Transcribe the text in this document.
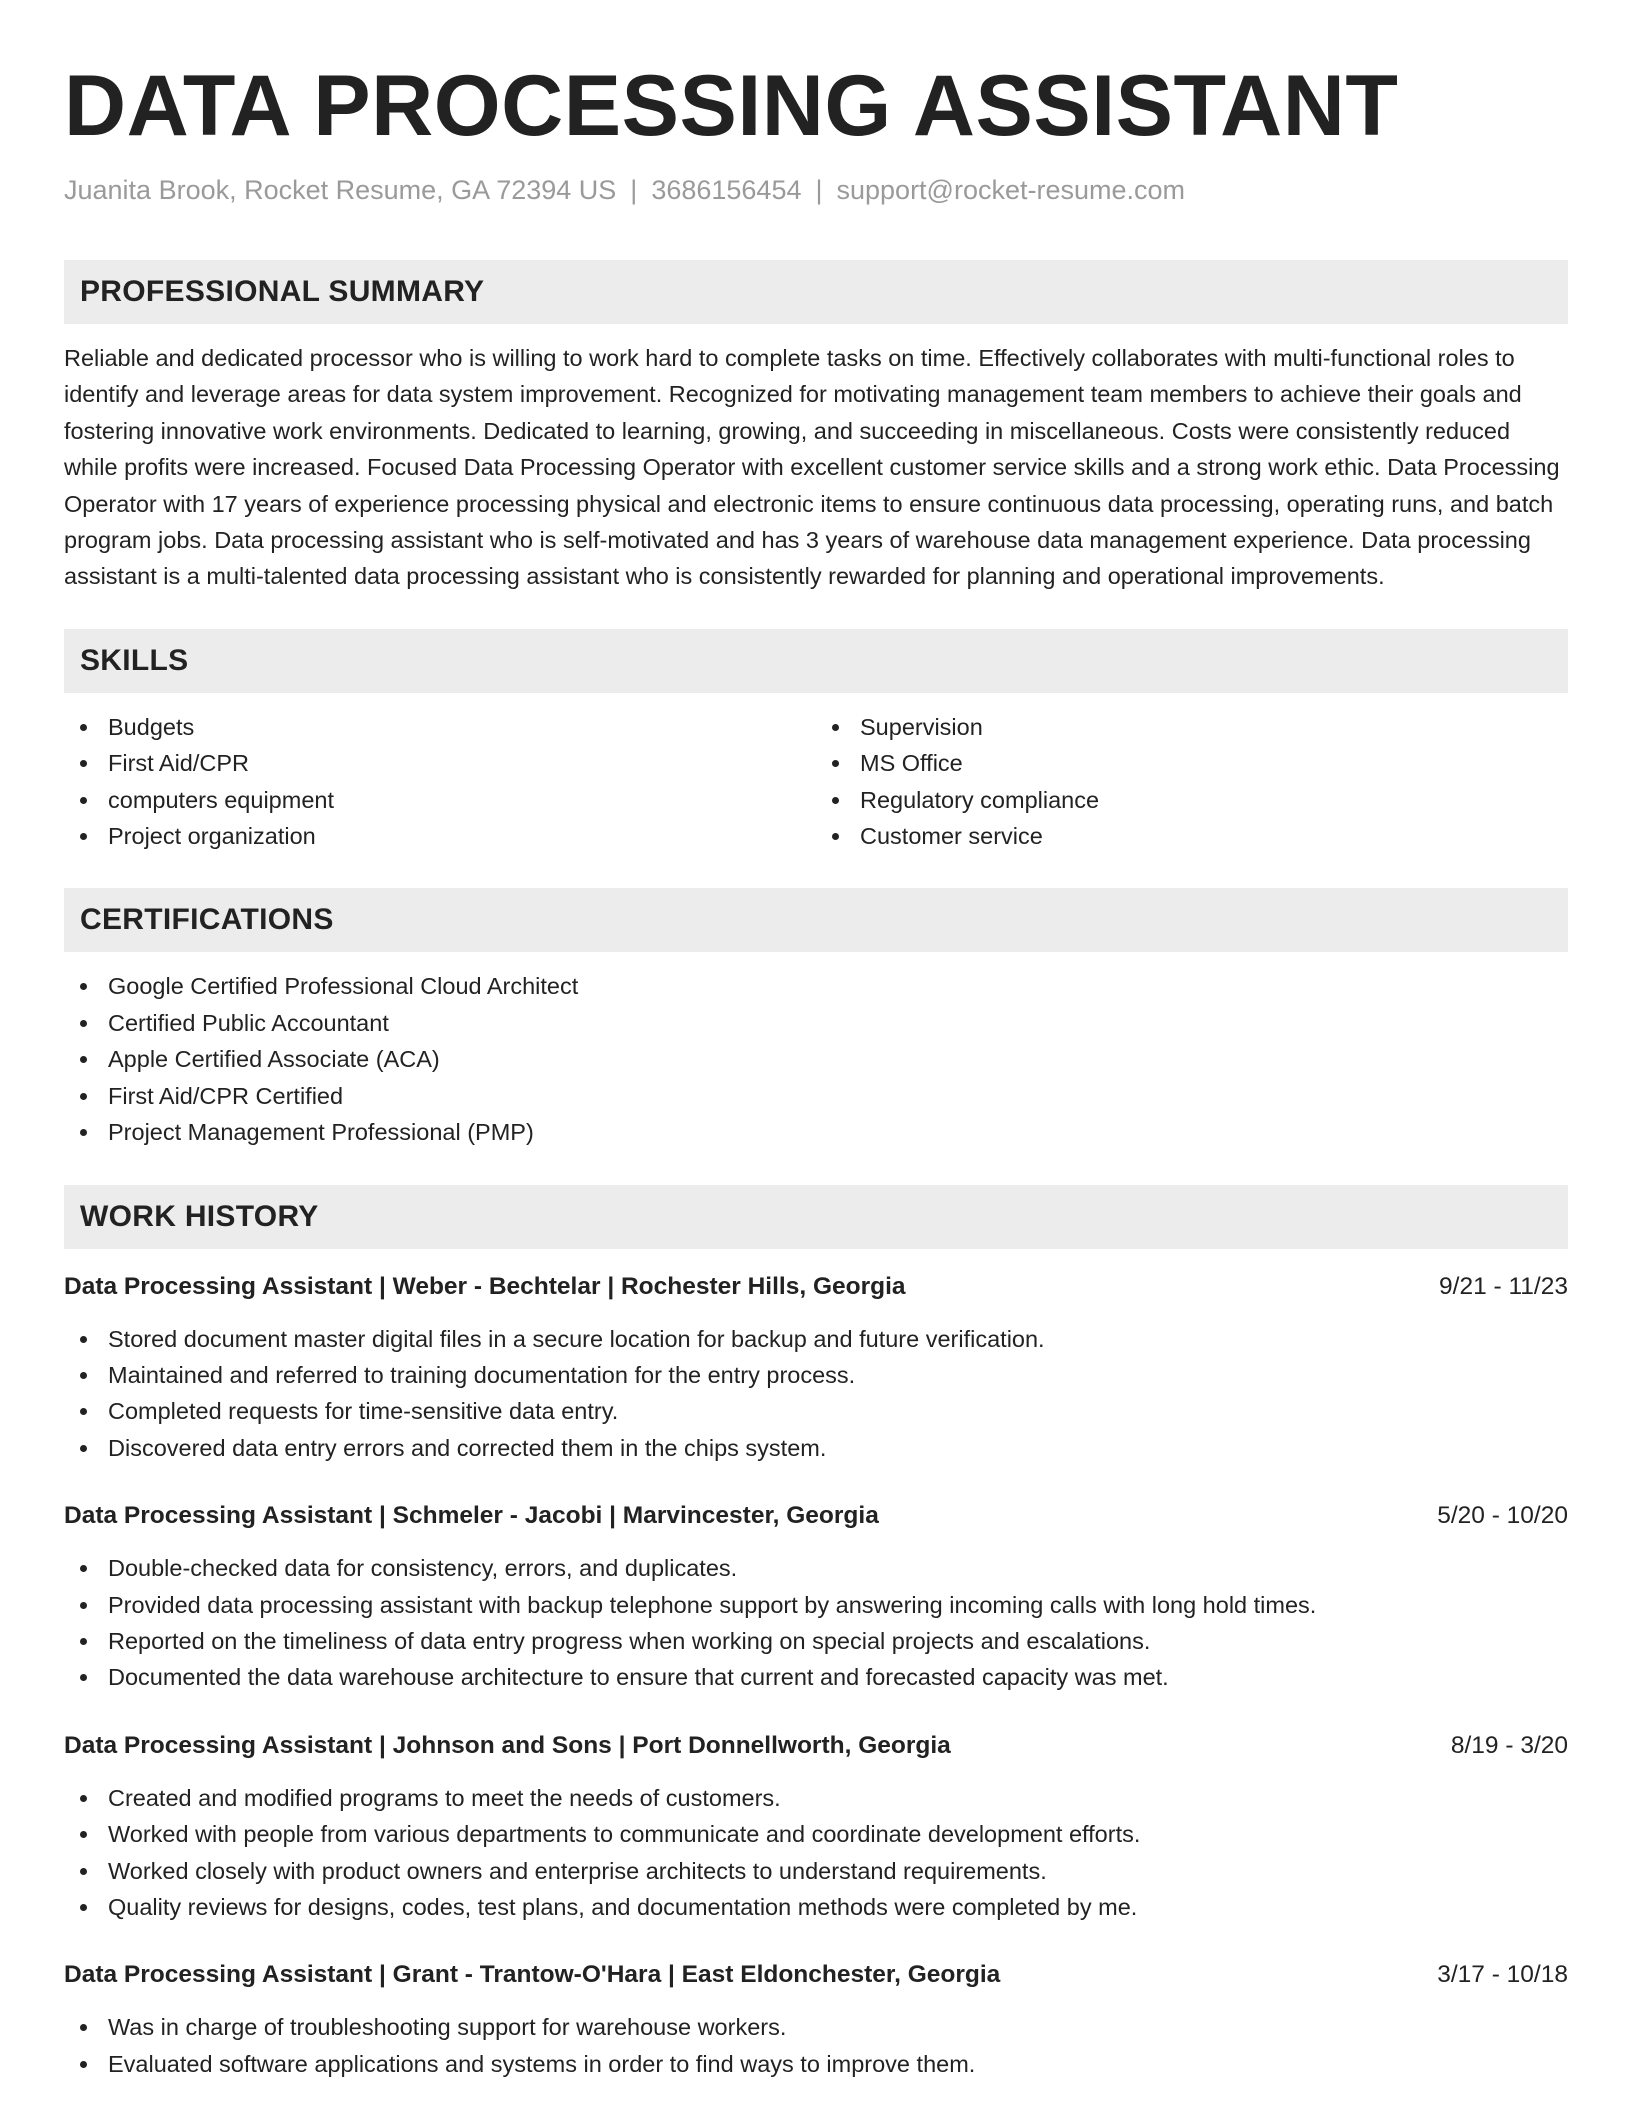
DATA PROCESSING ASSISTANT
Juanita Brook, Rocket Resume, GA 72394 US | 3686156454 | support@rocket-resume.com
PROFESSIONAL SUMMARY

Reliable and dedicated processor who is willing to work hard to complete tasks on time. Effectively collaborates with multi-functional roles to identify and leverage areas for data system improvement. Recognized for motivating management team members to achieve their goals and fostering innovative work environments. Dedicated to learning, growing, and succeeding in miscellaneous. Costs were consistently reduced while profits were increased. Focused Data Processing Operator with excellent customer service skills and a strong work ethic. Data Processing Operator with 17 years of experience processing physical and electronic items to ensure continuous data processing, operating runs, and batch program jobs. Data processing assistant who is self-motivated and has 3 years of warehouse data management experience. Data processing assistant is a multi-talented data processing assistant who is consistently rewarded for planning and operational improvements.

SKILLS
Budgets
First Aid/CPR
computers equipment
Project organization
Supervision
MS Office
Regulatory compliance
Customer service
CERTIFICATIONS
Google Certified Professional Cloud Architect
Certified Public Accountant
Apple Certified Associate (ACA)
First Aid/CPR Certified
Project Management Professional (PMP)
WORK HISTORY
Data Processing Assistant | Weber - Bechtelar | Rochester Hills, Georgia	9/21 - 11/23
Stored document master digital files in a secure location for backup and future verification.
Maintained and referred to training documentation for the entry process.
Completed requests for time-sensitive data entry.
Discovered data entry errors and corrected them in the chips system.
Data Processing Assistant | Schmeler - Jacobi | Marvincester, Georgia	5/20 - 10/20
Double-checked data for consistency, errors, and duplicates.
Provided data processing assistant with backup telephone support by answering incoming calls with long hold times.
Reported on the timeliness of data entry progress when working on special projects and escalations.
Documented the data warehouse architecture to ensure that current and forecasted capacity was met.
Data Processing Assistant | Johnson and Sons | Port Donnellworth, Georgia	8/19 - 3/20
Created and modified programs to meet the needs of customers.
Worked with people from various departments to communicate and coordinate development efforts.
Worked closely with product owners and enterprise architects to understand requirements.
Quality reviews for designs, codes, test plans, and documentation methods were completed by me.
Data Processing Assistant | Grant - Trantow-O'Hara | East Eldonchester, Georgia	3/17 - 10/18
Was in charge of troubleshooting support for warehouse workers.
Evaluated software applications and systems in order to find ways to improve them.
